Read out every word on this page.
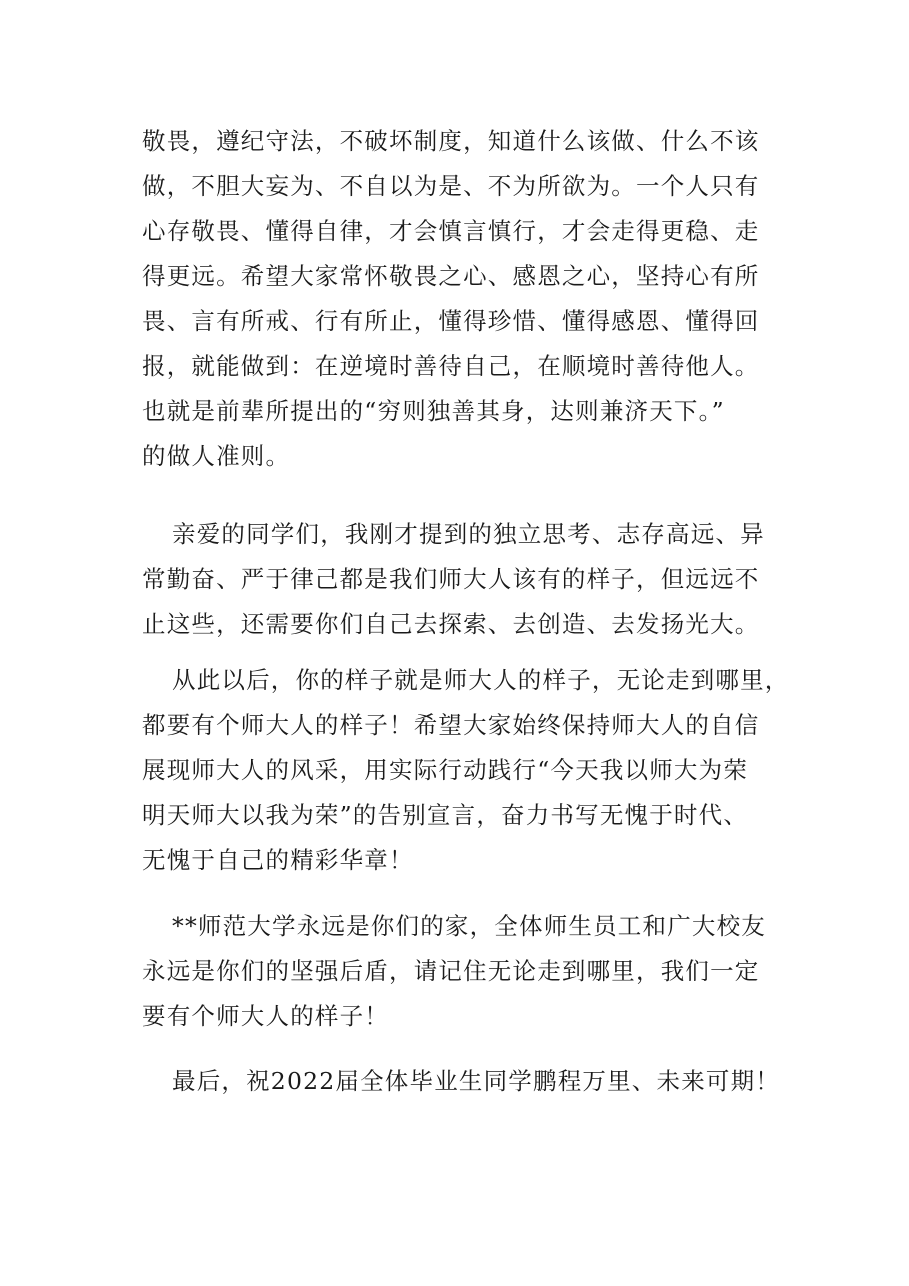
敬畏，遵纪守法，不破坏制度，知道什么该做、什么不该
做，不胆大妄为、不自以为是、不为所欲为。一个人只有
心存敬畏、懂得自律，才会慎言慎行，才会走得更稳、走
得更远。希望大家常怀敬畏之心、感恩之心，坚持心有所
畏、言有所戒、行有所止，懂得珍惜、懂得感恩、懂得回
报，就能做到：在逆境时善待自己，在顺境时善待他人。
也就是前辈所提出的“穷则独善其身，达则兼济天下。”
的做人准则。
亲爱的同学们，我刚才提到的独立思考、志存高远、异
常勤奋、严于律己都是我们师大人该有的样子，但远远不
止这些，还需要你们自己去探索、去创造、去发扬光大。
从此以后，你的样子就是师大人的样子，无论走到哪里，
都要有个师大人的样子！希望大家始终保持师大人的自信
展现师大人的风采，用实际行动践行“今天我以师大为荣
明天师大以我为荣”的告别宣言，奋力书写无愧于时代、
无愧于自己的精彩华章！
**师范大学永远是你们的家，全体师生员工和广大校友
永远是你们的坚强后盾，请记住无论走到哪里，我们一定
要有个师大人的样子！
最后，祝2022届全体毕业生同学鹏程万里、未来可期！
